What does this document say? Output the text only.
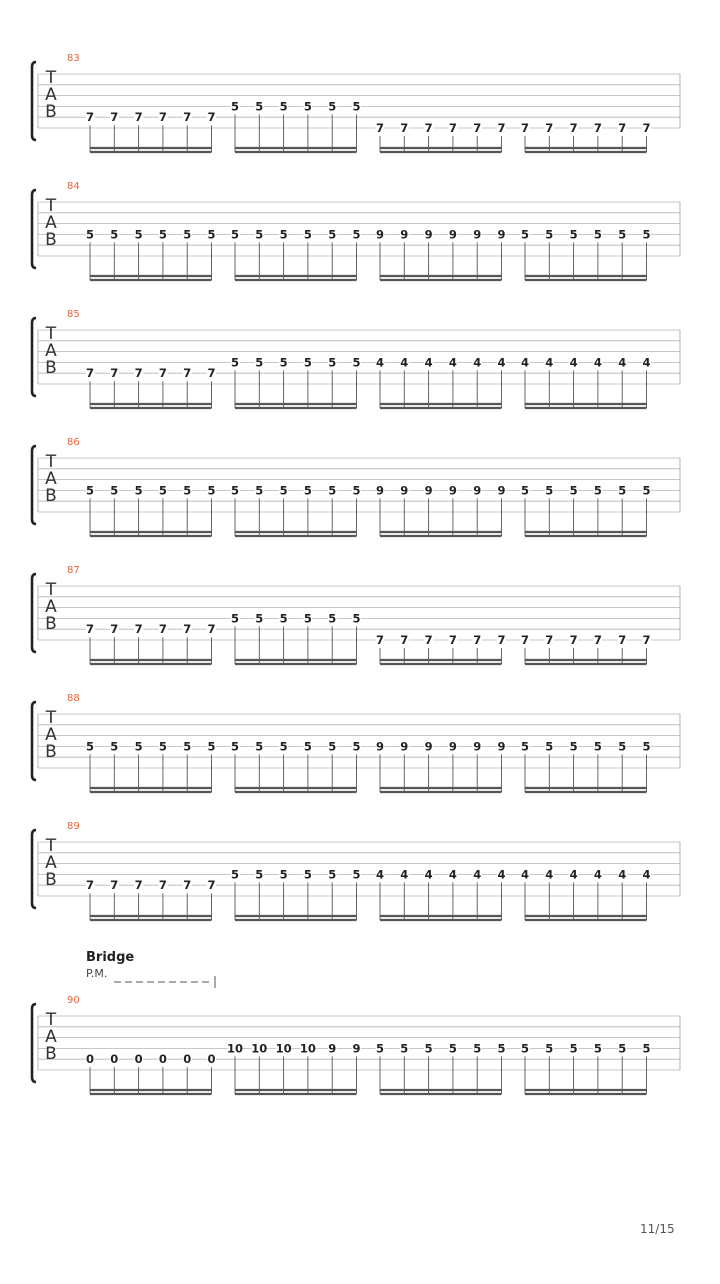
83
T
A
B	7 7 7 7 7 7
5 5 5 5 5 5
7 7 7 7 7 7 7 7 7 7 7 7
84
T
A
B	5 5 5 5 5 5 5 5 5 5 5 5 9 9 9 9 9 9 5 5 5 5 5 5
85
T
A
B	7 7 7 7 7 7
5 5 5 5 5 5 4 4 4 4 4 4 4 4 4 4 4 4
86
T
A
B	5 5 5 5 5 5 5 5 5 5 5 5 9 9 9 9 9 9 5 5 5 5 5 5
87
T
A
B	7 7 7 7 7 7
5 5 5 5 5 5
7 7 7 7 7 7 7 7 7 7 7 7
88
T
A
B	5 5 5 5 5 5 5 5 5 5 5 5 9 9 9 9 9 9 5 5 5 5 5 5
89
T
A
B	7 7 7 7 7 7
5 5 5 5 5 5 4 4 4 4 4 4 4 4 4 4 4 4
90
T
A
B	0 0 0 0 0 0
10 10 10 10 9 9 5 5 5 5 5 5 5 5 5 5 5 5
Bridge
P.M.
11/15
